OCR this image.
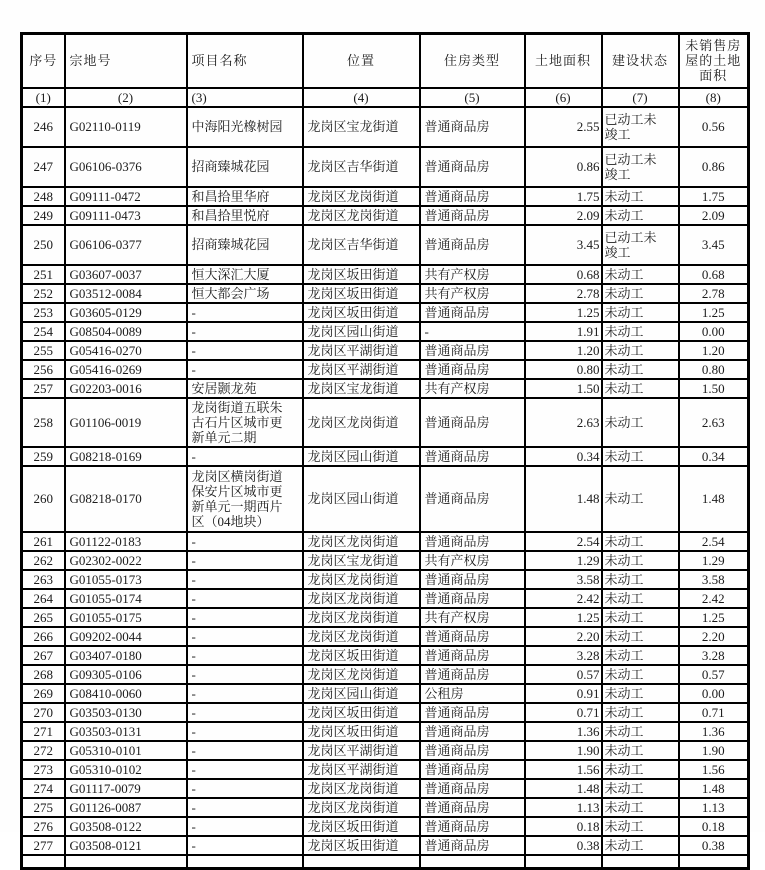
序号	宗地号	项目名称	位置	住房类型	土地面积	建设状态	未销售房屋的土地面积
(1)	(2)	(3)	(4)	(5)	(6)	(7)	(8)
246	G02110-0119	中海阳光橡树园	龙岗区宝龙街道	普通商品房	2.55	已动工未竣工	0.56
247	G06106-0376	招商臻城花园	龙岗区吉华街道	普通商品房	0.86	已动工未竣工	0.86
248	G09111-0472	和昌拾里华府	龙岗区龙岗街道	普通商品房	1.75	未动工	1.75
249	G09111-0473	和昌拾里悦府	龙岗区龙岗街道	普通商品房	2.09	未动工	2.09
250	G06106-0377	招商臻城花园	龙岗区吉华街道	普通商品房	3.45	已动工未竣工	3.45
251	G03607-0037	恒大深汇大厦	龙岗区坂田街道	共有产权房	0.68	未动工	0.68
252	G03512-0084	恒大都会广场	龙岗区坂田街道	共有产权房	2.78	未动工	2.78
253	G03605-0129	-	龙岗区坂田街道	普通商品房	1.25	未动工	1.25
254	G08504-0089	-	龙岗区园山街道	-	1.91	未动工	0.00
255	G05416-0270	-	龙岗区平湖街道	普通商品房	1.20	未动工	1.20
256	G05416-0269	-	龙岗区平湖街道	普通商品房	0.80	未动工	0.80
257	G02203-0016	安居颢龙苑	龙岗区宝龙街道	共有产权房	1.50	未动工	1.50
258	G01106-0019	龙岗街道五联朱古石片区城市更新单元二期	龙岗区龙岗街道	普通商品房	2.63	未动工	2.63
259	G08218-0169	-	龙岗区园山街道	普通商品房	0.34	未动工	0.34
260	G08218-0170	龙岗区横岗街道保安片区城市更新单元一期西片区（04地块）	龙岗区园山街道	普通商品房	1.48	未动工	1.48
261	G01122-0183	-	龙岗区龙岗街道	普通商品房	2.54	未动工	2.54
262	G02302-0022	-	龙岗区宝龙街道	共有产权房	1.29	未动工	1.29
263	G01055-0173	-	龙岗区龙岗街道	普通商品房	3.58	未动工	3.58
264	G01055-0174	-	龙岗区龙岗街道	普通商品房	2.42	未动工	2.42
265	G01055-0175	-	龙岗区龙岗街道	共有产权房	1.25	未动工	1.25
266	G09202-0044	-	龙岗区龙岗街道	普通商品房	2.20	未动工	2.20
267	G03407-0180	-	龙岗区坂田街道	普通商品房	3.28	未动工	3.28
268	G09305-0106	-	龙岗区龙岗街道	普通商品房	0.57	未动工	0.57
269	G08410-0060	-	龙岗区园山街道	公租房	0.91	未动工	0.00
270	G03503-0130	-	龙岗区坂田街道	普通商品房	0.71	未动工	0.71
271	G03503-0131	-	龙岗区坂田街道	普通商品房	1.36	未动工	1.36
272	G05310-0101	-	龙岗区平湖街道	普通商品房	1.90	未动工	1.90
273	G05310-0102	-	龙岗区平湖街道	普通商品房	1.56	未动工	1.56
274	G01117-0079	-	龙岗区龙岗街道	普通商品房	1.48	未动工	1.48
275	G01126-0087	-	龙岗区龙岗街道	普通商品房	1.13	未动工	1.13
276	G03508-0122	-	龙岗区坂田街道	普通商品房	0.18	未动工	0.18
277	G03508-0121	-	龙岗区坂田街道	普通商品房	0.38	未动工	0.38
